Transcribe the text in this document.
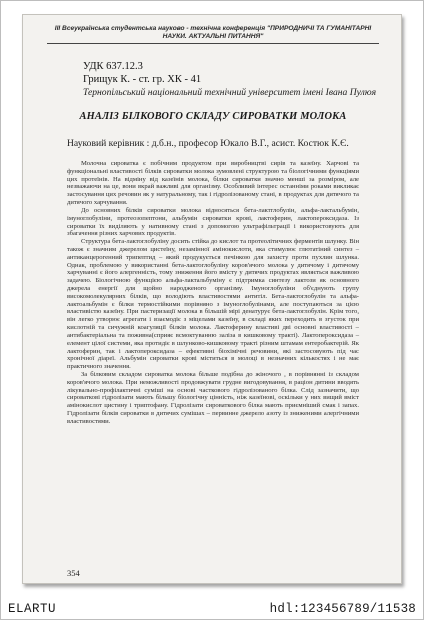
ІІІ Всеукраїнська студентська науково - технічна конференція "ПРИРОДНИЧІ ТА ГУМАНІТАРНІ НАУКИ. АКТУАЛЬНІ ПИТАННЯ"
УДК 637.12.3
Грищук К. - ст. гр. ХК - 41
Тернопільський національний технічний університет імені Івана Пулюя
АНАЛІЗ БІЛКОВОГО СКЛАДУ СИРОВАТКИ МОЛОКА
Науковий керівник : д.б.н., професор Юкало В.Г., асист. Костюк К.Є.

Молочна сироватка є побічним продуктом при виробництві сирів та казеїну. Харчові та функціональні властивості білків сироватки молока зумовлені структурою та біологічними функціями цих протеїнів. На відміну від казеїнів молока, білки сироватки значно менші за розміром, але незважаючи на це, вони вкрай важливі для організму. Особливий інтерес останніми роками викликає застосування цих речовин як у натуральному, так і гідролізованому стані, в продуктах для дитячого та дитячого харчування.

До основних білків сироватки молока відносяться бета-лактглобулін, альфа-лактальбумін, імуноглобуліни, протеозопептони, альбумін сироватки крові, лактоферин, лактопероксидаза. Із сироватки їх виділяють у нативному стані з допомогою ультрафільтрації і використовують для збагачення різних харчових продуктів.

Структура бета-лактоглобуліну досить стійка до кислот та протеолітичних ферментів шлунку. Він також є значним джерелом цистеїну, незамінної амінокислоти, яка стимулює глютатіний синтез – антиканцерогенний трипептид – який продукується печінкою для захисту проти пухлин шлунка. Однак, проблемою у використанні бета-лактоглобуліну коров'ячого молока у дитячому і дитячому харчуванні є його алергенність, тому зниження його вмісту у дитячих продуктах являється важливою задачею. Біологічною функцією альфа-лактальбуміну є підтримка синтезу лактози як основного джерела енергії для щойно народженого організму. Імуноглобуліни об'єднують групу високомолекулярних білків, що володіють властивостями антитіл. Бета-лактоглобулін та альфа-лактоальбумін є білки термостійкими порівняно з імуноглобулінами, але поступаються за цією властивістю казеїну. При пастеризації молока в більшій мірі денатурує бета-лактоглобулін. Крім того, він легко утворює агрегати і взаємодіє з міцелами казеїну, в складі яких переходить в згусток при кислотній та сичужній коагуляції білків молока. Лактоферину властиві дві основні властивості – антибактеріальна та поживна(сприяє всмоктуванню заліза в кишковому тракті). Лактопероксидаза – елемент цілої системи, яка протидіє в шлунково-кишковому тракті різним штамам ентеробактерій. Як лактоферин, так і лактопероксидаза – ефективні біохімічні речовини, які застосовують під час хронічної діареї. Альбумін сироватки крові міститься в молоці в незначних кількостях і не має практичного значення.

За білковим складом сироватка молока більше подібна до жіночого , в порівнянні із складом коров'ячого молока. При неможливості продовжувати грудне вигодовування, в раціон дитини вводять лікувально-профілактичні суміші на основі часткового гідролізованого білка. Слід зазначити, що сироваткові гідролізати мають більшу біологічну цінність, ніж казеїнові, оскільки у них вищий вміст амінокислот цистину і триптофану. Гідролізати сироваткового білка мають приємніший смак і запах. Гідролізати білків сироватки в дитячих сумішах – первинне джерело азоту із зниженими алергічними властивостями.

354
ELARTU	hdl:123456789/11538
